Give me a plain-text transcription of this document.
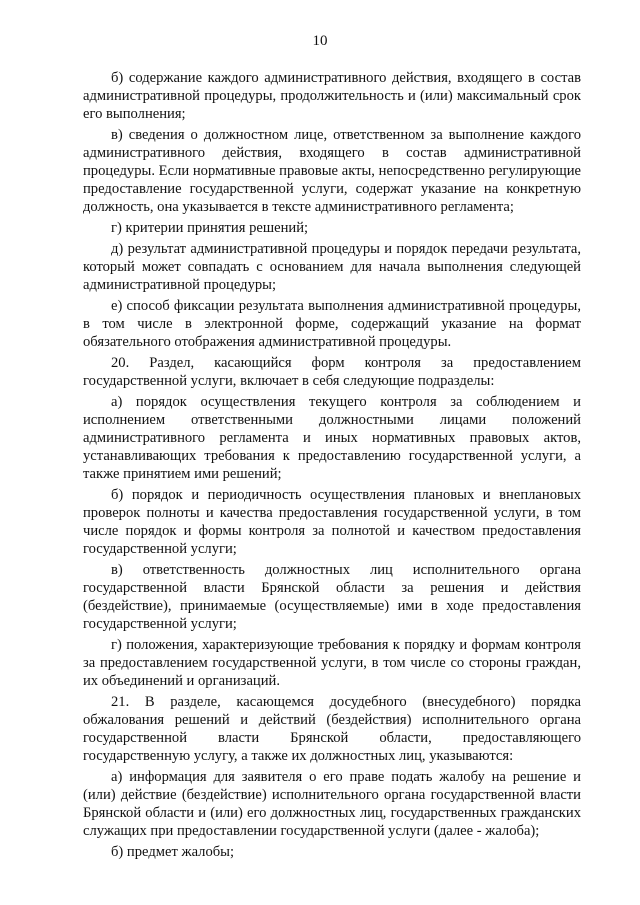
10

б) содержание каждого административного действия, входящего в состав административной процедуры, продолжительность и (или) максимальный срок его выполнения;

в) сведения о должностном лице, ответственном за выполнение каждого административного действия, входящего в состав административной процедуры. Если нормативные правовые акты, непосредственно регулирующие предоставление государственной услуги, содержат указание на конкретную должность, она указывается в тексте административного регламента;

г) критерии принятия решений;

д) результат административной процедуры и порядок передачи результата, который может совпадать с основанием для начала выполнения следующей административной процедуры;

е) способ фиксации результата выполнения административной процедуры, в том числе в электронной форме, содержащий указание на формат обязательного отображения административной процедуры.

20. Раздел, касающийся форм контроля за предоставлением государственной услуги, включает в себя следующие подразделы:

а) порядок осуществления текущего контроля за соблюдением и исполнением ответственными должностными лицами положений административного регламента и иных нормативных правовых актов, устанавливающих требования к предоставлению государственной услуги, а также принятием ими решений;

б) порядок и периодичность осуществления плановых и внеплановых проверок полноты и качества предоставления государственной услуги, в том числе порядок и формы контроля за полнотой и качеством предоставления государственной услуги;

в) ответственность должностных лиц исполнительного органа государственной власти Брянской области за решения и действия (бездействие), принимаемые (осуществляемые) ими в ходе предоставления государственной услуги;

г) положения, характеризующие требования к порядку и формам контроля за предоставлением государственной услуги, в том числе со стороны граждан, их объединений и организаций.

21. В разделе, касающемся досудебного (внесудебного) порядка обжалования решений и действий (бездействия) исполнительного органа государственной власти Брянской области, предоставляющего государственную услугу, а также их должностных лиц, указываются:

а) информация для заявителя о его праве подать жалобу на решение и (или) действие (бездействие) исполнительного органа государственной власти Брянской области и (или) его должностных лиц, государственных гражданских служащих при предоставлении государственной услуги (далее - жалоба);

б) предмет жалобы;
